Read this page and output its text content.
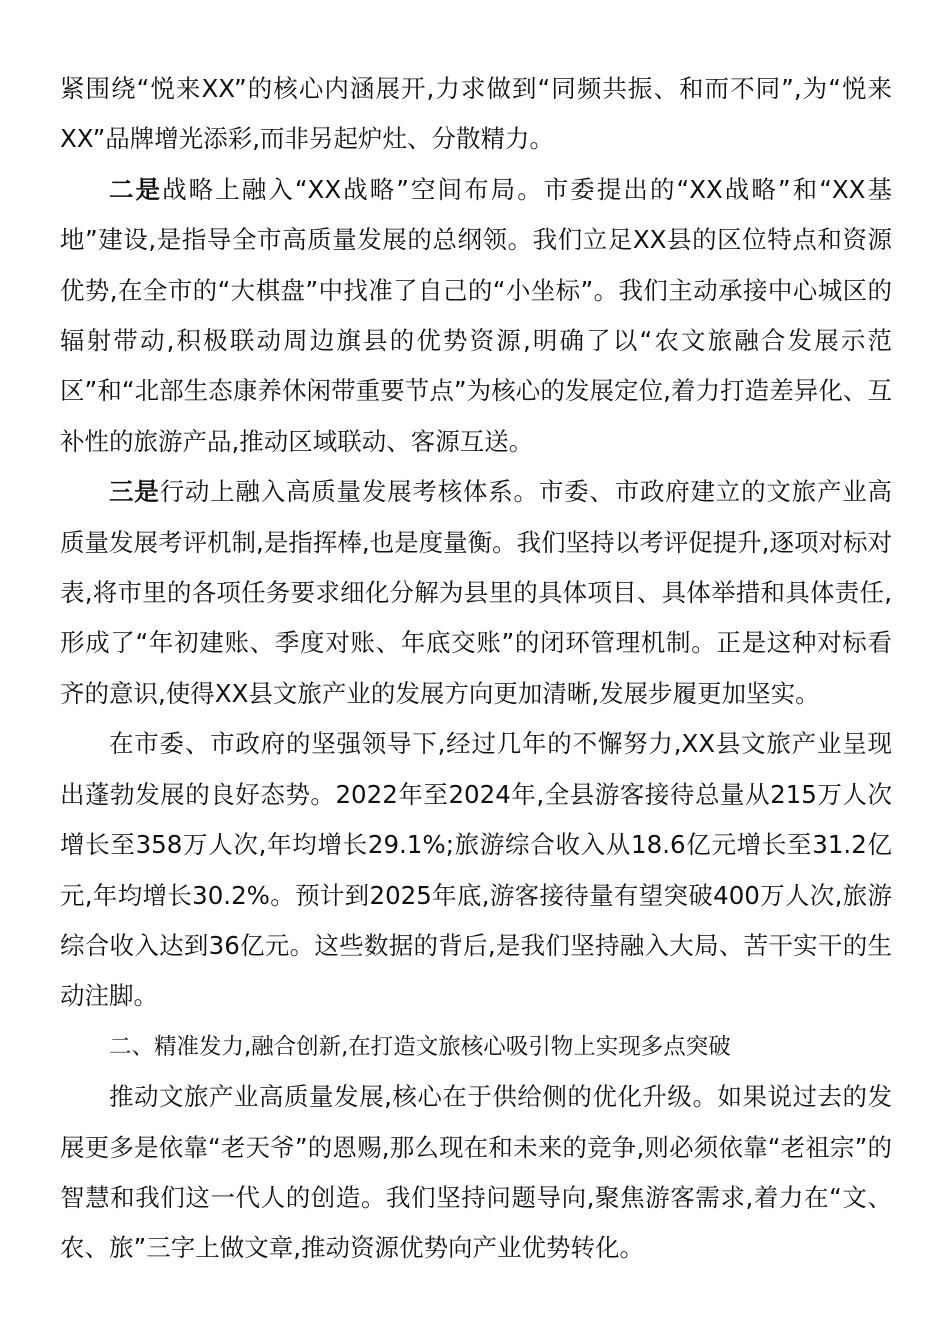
紧围绕“悦来XX”的核心内涵展开,力求做到“同频共振、和而不同”,为“悦来XX”品牌增光添彩,而非另起炉灶、分散精力。

二是战略上融入“XX战略”空间布局。市委提出的“XX战略”和“XX基地”建设,是指导全市高质量发展的总纲领。我们立足XX县的区位特点和资源优势,在全市的“大棋盘”中找准了自己的“小坐标”。我们主动承接中心城区的辐射带动,积极联动周边旗县的优势资源,明确了以“农文旅融合发展示范区”和“北部生态康养休闲带重要节点”为核心的发展定位,着力打造差异化、互补性的旅游产品,推动区域联动、客源互送。

三是行动上融入高质量发展考核体系。市委、市政府建立的文旅产业高质量发展考评机制,是指挥棒,也是度量衡。我们坚持以考评促提升,逐项对标对表,将市里的各项任务要求细化分解为县里的具体项目、具体举措和具体责任,形成了“年初建账、季度对账、年底交账”的闭环管理机制。正是这种对标看齐的意识,使得XX县文旅产业的发展方向更加清晰,发展步履更加坚实。

在市委、市政府的坚强领导下,经过几年的不懈努力,XX县文旅产业呈现出蓬勃发展的良好态势。2022年至2024年,全县游客接待总量从215万人次增长至358万人次,年均增长29.1%;旅游综合收入从18.6亿元增长至31.2亿元,年均增长30.2%。预计到2025年底,游客接待量有望突破400万人次,旅游综合收入达到36亿元。这些数据的背后,是我们坚持融入大局、苦干实干的生动注脚。

二、精准发力,融合创新,在打造文旅核心吸引物上实现多点突破

推动文旅产业高质量发展,核心在于供给侧的优化升级。如果说过去的发展更多是依靠“老天爷”的恩赐,那么现在和未来的竞争,则必须依靠“老祖宗”的智慧和我们这一代人的创造。我们坚持问题导向,聚焦游客需求,着力在“文、农、旅”三字上做文章,推动资源优势向产业优势转化。
